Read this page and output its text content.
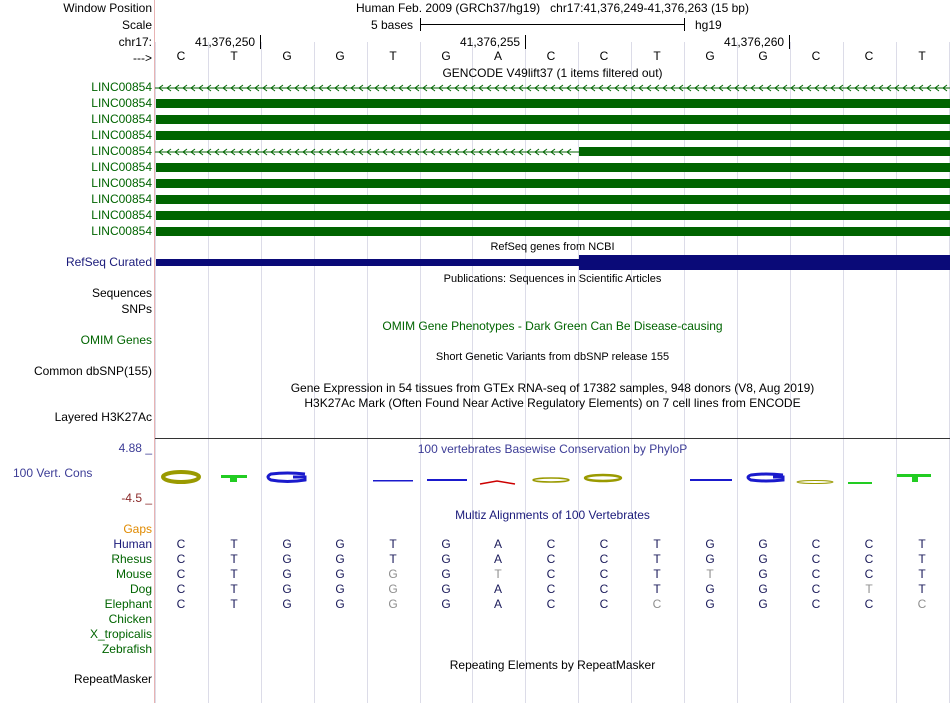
Window Position
Scale
chr17:
--->
Human Feb. 2009 (GRCh37/hg19) chr17:41,376,249-41,376,263 (15 bp)
5 bases	hg19
41,376,250	41,376,255	41,376,260
C	T	G	G	T	G	A	C	C	T	G	G	C	C	T
GENCODE V49lift37 (1 items filtered out)
LINC00854
LINC00854
LINC00854
LINC00854
LINC00854
LINC00854
LINC00854
LINC00854
LINC00854
LINC00854
RefSeq genes from NCBI
RefSeq Curated
Publications: Sequences in Scientific Articles
Sequences
SNPs
OMIM Gene Phenotypes - Dark Green Can Be Disease-causing
OMIM Genes
Short Genetic Variants from dbSNP release 155
Common dbSNP(155)
Gene Expression in 54 tissues from GTEx RNA-seq of 17382 samples, 948 donors (V8, Aug 2019)
H3K27Ac Mark (Often Found Near Active Regulatory Elements) on 7 cell lines from ENCODE
Layered H3K27Ac
100 vertebrates Basewise Conservation by PhyloP
4.88 _
100 Vert. Cons
-4.5 _
Multiz Alignments of 100 Vertebrates
Gaps
Human	C	T	G	G	T	G	A	C	C	T	G	G	C	C	T
Rhesus	C	T	G	G	T	G	A	C	C	T	G	G	C	C	T
Mouse	C	T	G	G	G	G	T	C	C	T	T	G	C	C	T
Dog	C	T	G	G	G	G	A	C	C	T	G	G	C	T	T
Elephant	C	T	G	G	G	G	A	C	C	C	G	G	C	C	C
Chicken
X_tropicalis
Zebrafish
Repeating Elements by RepeatMasker
RepeatMasker
